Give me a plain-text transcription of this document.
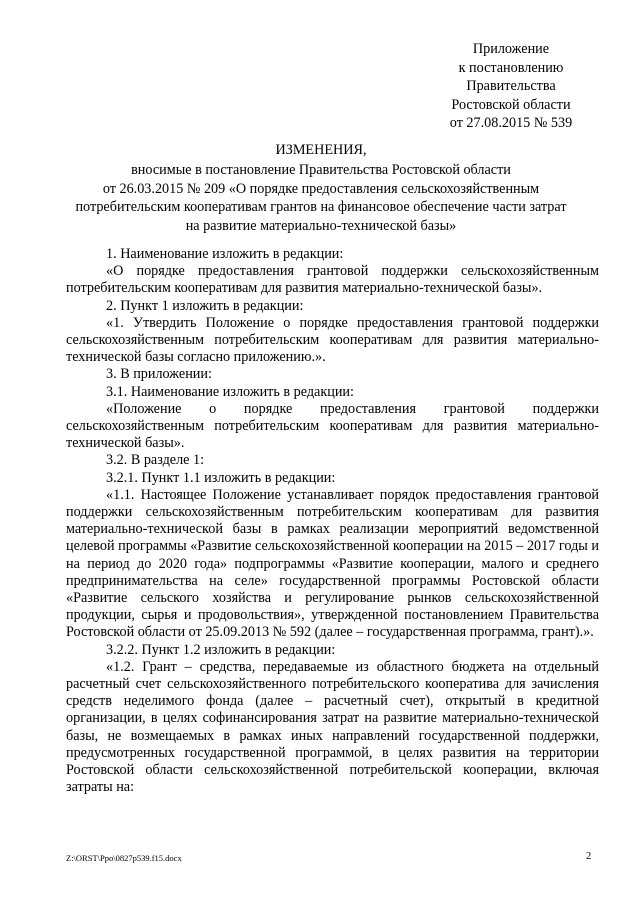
Приложение
к постановлению
Правительства
Ростовской области
от 27.08.2015 № 539
ИЗМЕНЕНИЯ,
вносимые в постановление Правительства Ростовской области
от 26.03.2015 № 209 «О порядке предоставления сельскохозяйственным
потребительским кооперативам грантов на финансовое обеспечение части затрат
на развитие материально-технической базы»

1. Наименование изложить в редакции:

«О порядке предоставления грантовой поддержки сельскохозяйственным потребительским кооперативам для развития материально-технической базы».

2. Пункт 1 изложить в редакции:

«1. Утвердить Положение о порядке предоставления грантовой поддержки сельскохозяйственным потребительским кооперативам для развития материально-технической базы согласно приложению.».

3. В приложении:

3.1. Наименование изложить в редакции:

«Положение о порядке предоставления грантовой поддержки сельскохозяйственным потребительским кооперативам для развития материально-технической базы».

3.2. В разделе 1:

3.2.1. Пункт 1.1 изложить в редакции:

«1.1. Настоящее Положение устанавливает порядок предоставления грантовой поддержки сельскохозяйственным потребительским кооперативам для развития материально-технической базы в рамках реализации мероприятий ведомственной целевой программы «Развитие сельскохозяйственной кооперации на 2015 – 2017 годы и на период до 2020 года» подпрограммы «Развитие кооперации, малого и среднего предпринимательства на селе» государственной программы Ростовской области «Развитие сельского хозяйства и регулирование рынков сельскохозяйственной продукции, сырья и продовольствия», утвержденной постановлением Правительства Ростовской области от 25.09.2013 № 592 (далее – государственная программа, грант).».

3.2.2. Пункт 1.2 изложить в редакции:

«1.2. Грант – средства, передаваемые из областного бюджета на отдельный расчетный счет сельскохозяйственного потребительского кооператива для зачисления средств неделимого фонда (далее – расчетный счет), открытый в кредитной организации, в целях софинансирования затрат на развитие материально-технической базы, не возмещаемых в рамках иных направлений государственной поддержки, предусмотренных государственной программой, в целях развития на территории Ростовской области сельскохозяйственной потребительской кооперации, включая затраты на:

Z:\ORST\Ppo\0827p539.f15.docx	2
